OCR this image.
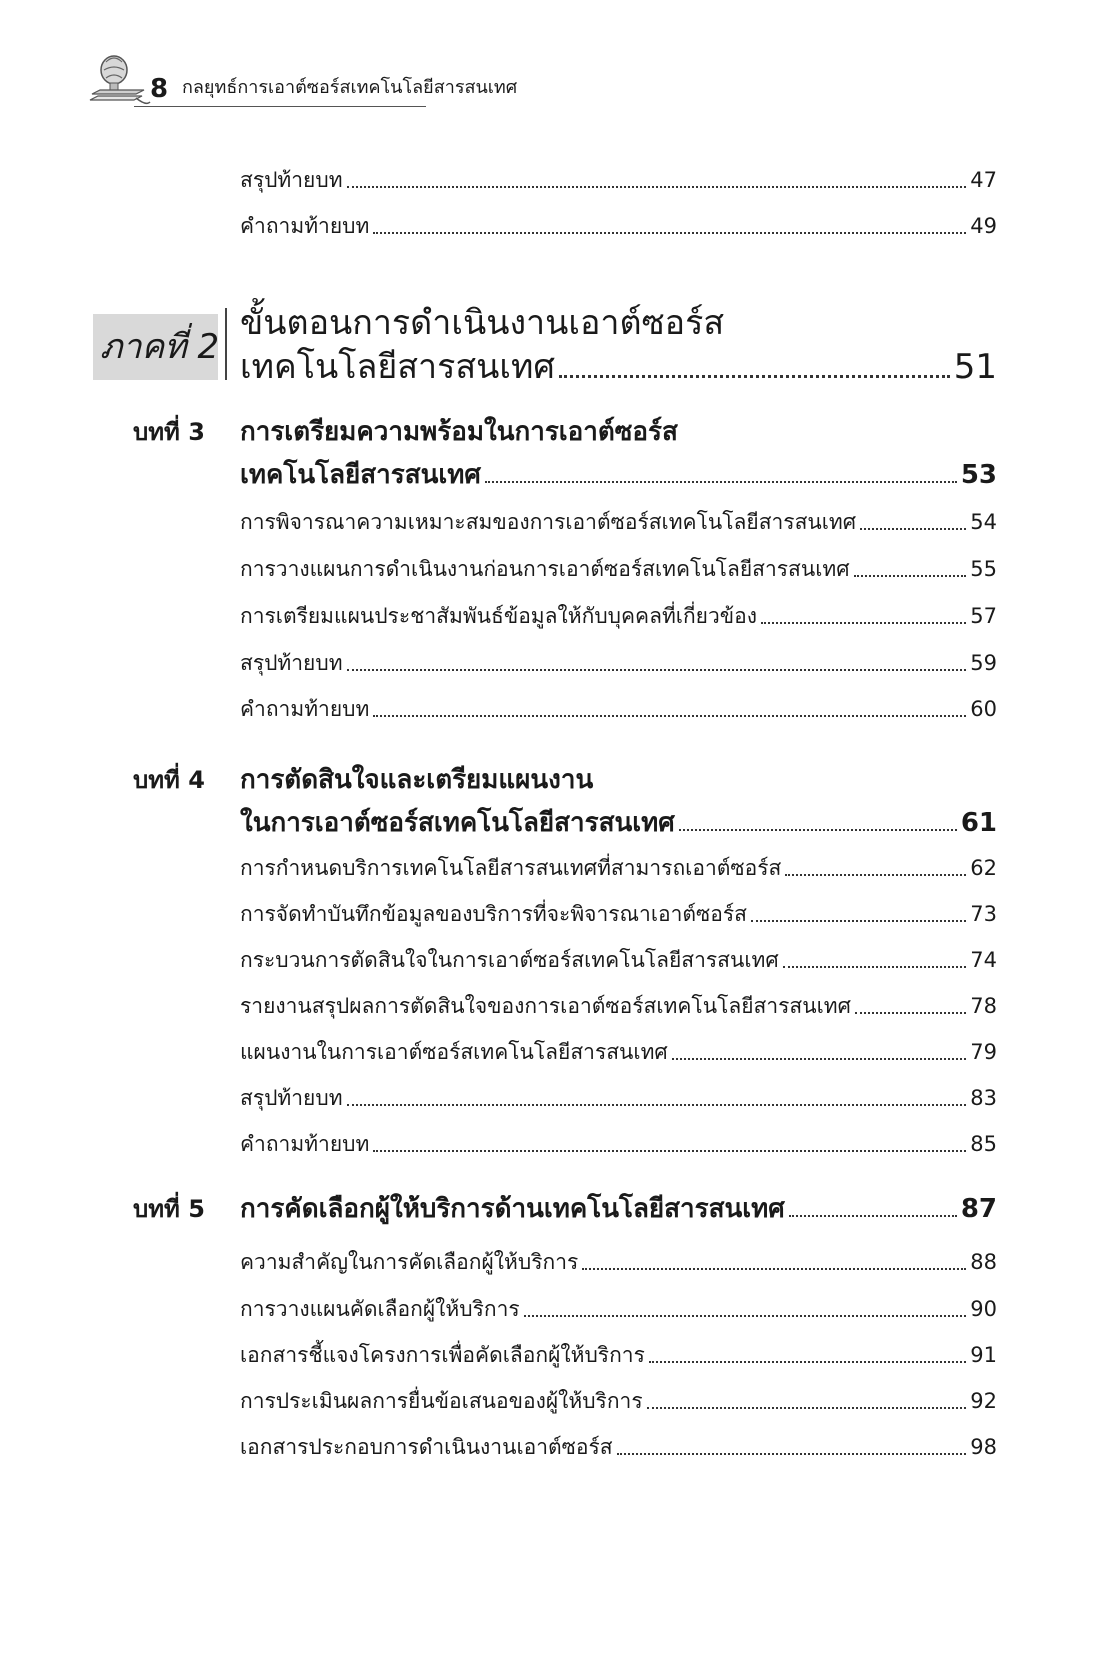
8 กลยุทธ์การเอาต์ซอร์สเทคโนโลยีสารสนเทศ
สรุปท้ายบท	47
คำถามท้ายบท	49
ภาคที่ 2
ขั้นตอนการดำเนินงานเอาต์ซอร์ส
เทคโนโลยีสารสนเทศ	51
บทที่ 3 การเตรียมความพร้อมในการเอาต์ซอร์ส
เทคโนโลยีสารสนเทศ	53
การพิจารณาความเหมาะสมของการเอาต์ซอร์สเทคโนโลยีสารสนเทศ	54
การวางแผนการดำเนินงานก่อนการเอาต์ซอร์สเทคโนโลยีสารสนเทศ	55
การเตรียมแผนประชาสัมพันธ์ข้อมูลให้กับบุคคลที่เกี่ยวข้อง	57
สรุปท้ายบท	59
คำถามท้ายบท	60
บทที่ 4 การตัดสินใจและเตรียมแผนงาน
ในการเอาต์ซอร์สเทคโนโลยีสารสนเทศ	61
การกำหนดบริการเทคโนโลยีสารสนเทศที่สามารถเอาต์ซอร์ส	62
การจัดทำบันทึกข้อมูลของบริการที่จะพิจารณาเอาต์ซอร์ส	73
กระบวนการตัดสินใจในการเอาต์ซอร์สเทคโนโลยีสารสนเทศ	74
รายงานสรุปผลการตัดสินใจของการเอาต์ซอร์สเทคโนโลยีสารสนเทศ	78
แผนงานในการเอาต์ซอร์สเทคโนโลยีสารสนเทศ	79
สรุปท้ายบท	83
คำถามท้ายบท	85
บทที่ 5 การคัดเลือกผู้ให้บริการด้านเทคโนโลยีสารสนเทศ	87
ความสำคัญในการคัดเลือกผู้ให้บริการ	88
การวางแผนคัดเลือกผู้ให้บริการ	90
เอกสารชี้แจงโครงการเพื่อคัดเลือกผู้ให้บริการ	91
การประเมินผลการยื่นข้อเสนอของผู้ให้บริการ	92
เอกสารประกอบการดำเนินงานเอาต์ซอร์ส	98
